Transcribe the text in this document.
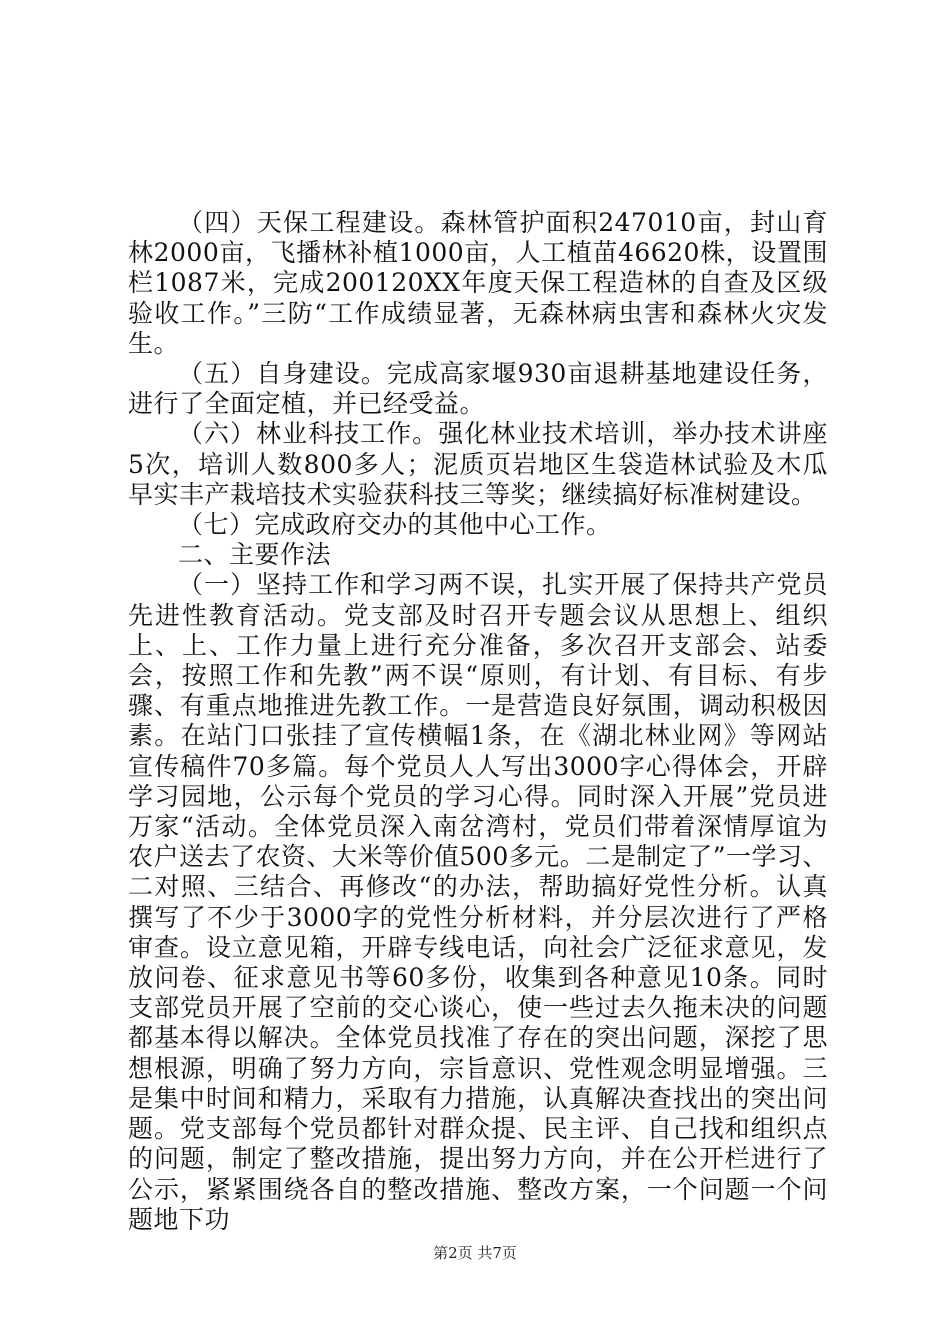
（四）天保工程建设。森林管护面积247010亩，封山育林2000亩，飞播林补植1000亩，人工植苗46620株，设置围栏1087米，完成200120XX年度天保工程造林的自查及区级验收工作。”三防“工作成绩显著，无森林病虫害和森林火灾发生。

（五）自身建设。完成高家堰930亩退耕基地建设任务，进行了全面定植，并已经受益。

（六）林业科技工作。强化林业技术培训，举办技术讲座5次，培训人数800多人；泥质页岩地区生袋造林试验及木瓜早实丰产栽培技术实验获科技三等奖；继续搞好标准树建设。

（七）完成政府交办的其他中心工作。

二、主要作法

（一）坚持工作和学习两不误，扎实开展了保持共产党员先进性教育活动。党支部及时召开专题会议从思想上、组织上、上、工作力量上进行充分准备，多次召开支部会、站委会，按照工作和先教”两不误“原则，有计划、有目标、有步骤、有重点地推进先教工作。一是营造良好氛围，调动积极因素。在站门口张挂了宣传横幅1条，在《湖北林业网》等网站宣传稿件70多篇。每个党员人人写出3000字心得体会，开辟学习园地，公示每个党员的学习心得。同时深入开展”党员进万家“活动。全体党员深入南岔湾村，党员们带着深情厚谊为农户送去了农资、大米等价值500多元。二是制定了”一学习、二对照、三结合、再修改“的办法，帮助搞好党性分析。认真撰写了不少于3000字的党性分析材料，并分层次进行了严格审查。设立意见箱，开辟专线电话，向社会广泛征求意见，发放问卷、征求意见书等60多份，收集到各种意见10条。同时支部党员开展了空前的交心谈心，使一些过去久拖未决的问题都基本得以解决。全体党员找准了存在的突出问题，深挖了思想根源，明确了努力方向，宗旨意识、党性观念明显增强。三是集中时间和精力，采取有力措施，认真解决查找出的突出问题。党支部每个党员都针对群众提、民主评、自己找和组织点的问题，制定了整改措施，提出努力方向，并在公开栏进行了公示，紧紧围绕各自的整改措施、整改方案，一个问题一个问题地下功

第2页 共7页
